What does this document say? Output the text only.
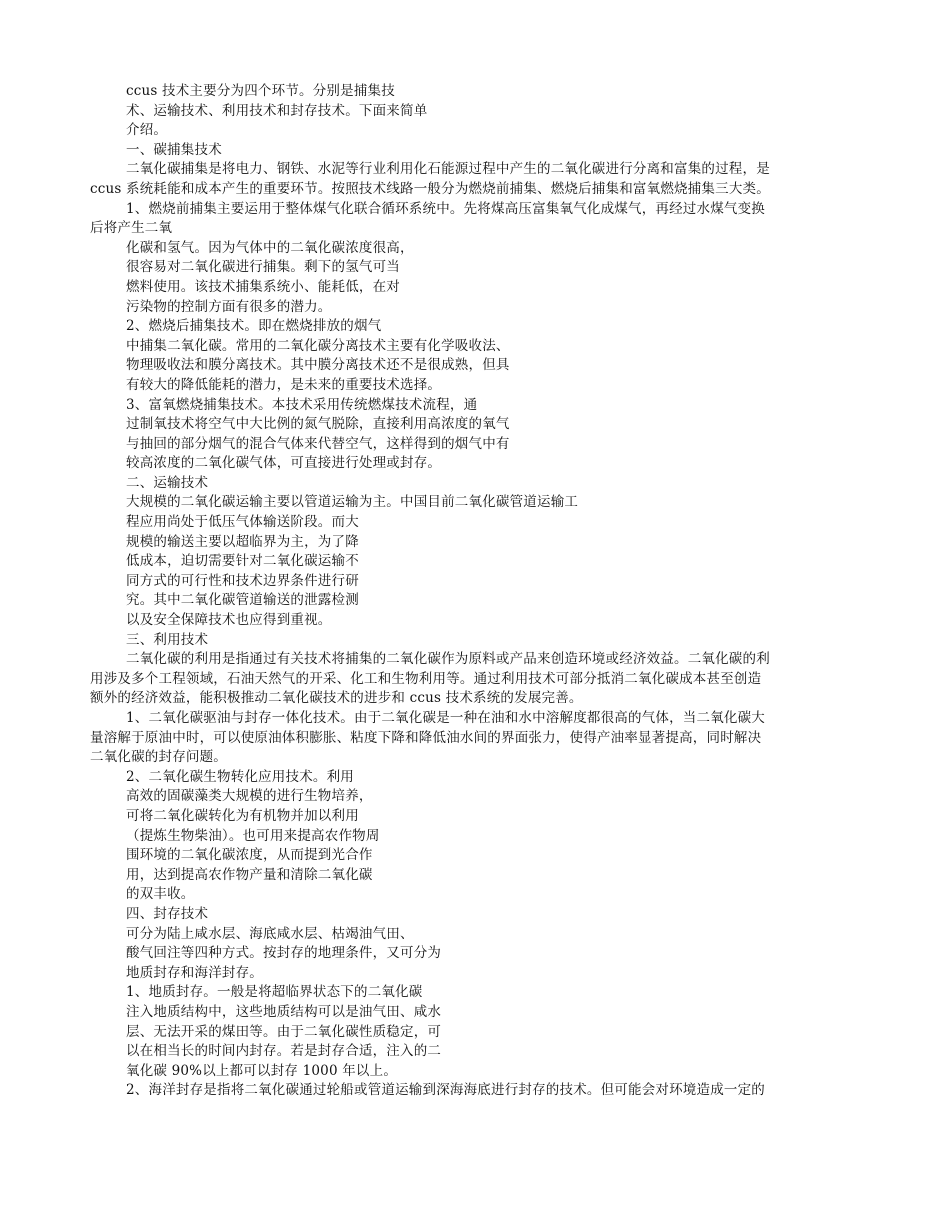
ccus 技术主要分为四个环节。分别是捕集技
术、运输技术、利用技术和封存技术。下面来简单
介绍。
一、碳捕集技术
二氧化碳捕集是将电力、钢铁、水泥等行业利用化石能源过程中产生的二氧化碳进行分离和富集的过程，是
ccus 系统耗能和成本产生的重要环节。按照技术线路一般分为燃烧前捕集、燃烧后捕集和富氧燃烧捕集三大类。
1、燃烧前捕集主要运用于整体煤气化联合循环系统中。先将煤高压富集氧气化成煤气，再经过水煤气变换
后将产生二氧
化碳和氢气。因为气体中的二氧化碳浓度很高，
很容易对二氧化碳进行捕集。剩下的氢气可当
燃料使用。该技术捕集系统小、能耗低，在对
污染物的控制方面有很多的潜力。
2、燃烧后捕集技术。即在燃烧排放的烟气
中捕集二氧化碳。常用的二氧化碳分离技术主要有化学吸收法、
物理吸收法和膜分离技术。其中膜分离技术还不是很成熟，但具
有较大的降低能耗的潜力，是未来的重要技术选择。
3、富氧燃烧捕集技术。本技术采用传统燃煤技术流程，通
过制氧技术将空气中大比例的氮气脱除，直接利用高浓度的氧气
与抽回的部分烟气的混合气体来代替空气，这样得到的烟气中有
较高浓度的二氧化碳气体，可直接进行处理或封存。
二、运输技术
大规模的二氧化碳运输主要以管道运输为主。中国目前二氧化碳管道运输工
程应用尚处于低压气体输送阶段。而大
规模的输送主要以超临界为主，为了降
低成本，迫切需要针对二氧化碳运输不
同方式的可行性和技术边界条件进行研
究。其中二氧化碳管道输送的泄露检测
以及安全保障技术也应得到重视。
三、利用技术
二氧化碳的利用是指通过有关技术将捕集的二氧化碳作为原料或产品来创造环境或经济效益。二氧化碳的利
用涉及多个工程领域，石油天然气的开采、化工和生物利用等。通过利用技术可部分抵消二氧化碳成本甚至创造
额外的经济效益，能积极推动二氧化碳技术的进步和 ccus 技术系统的发展完善。
1、二氧化碳驱油与封存一体化技术。由于二氧化碳是一种在油和水中溶解度都很高的气体，当二氧化碳大
量溶解于原油中时，可以使原油体积膨胀、粘度下降和降低油水间的界面张力，使得产油率显著提高，同时解决
二氧化碳的封存问题。
2、二氧化碳生物转化应用技术。利用
高效的固碳藻类大规模的进行生物培养，
可将二氧化碳转化为有机物并加以利用
（提炼生物柴油）。也可用来提高农作物周
围环境的二氧化碳浓度，从而提到光合作
用，达到提高农作物产量和清除二氧化碳
的双丰收。
四、封存技术
可分为陆上咸水层、海底咸水层、枯竭油气田、
酸气回注等四种方式。按封存的地理条件，又可分为
地质封存和海洋封存。
1、地质封存。一般是将超临界状态下的二氧化碳
注入地质结构中，这些地质结构可以是油气田、咸水
层、无法开采的煤田等。由于二氧化碳性质稳定，可
以在相当长的时间内封存。若是封存合适，注入的二
氧化碳 90%以上都可以封存 1000 年以上。
2、海洋封存是指将二氧化碳通过轮船或管道运输到深海海底进行封存的技术。但可能会对环境造成一定的
